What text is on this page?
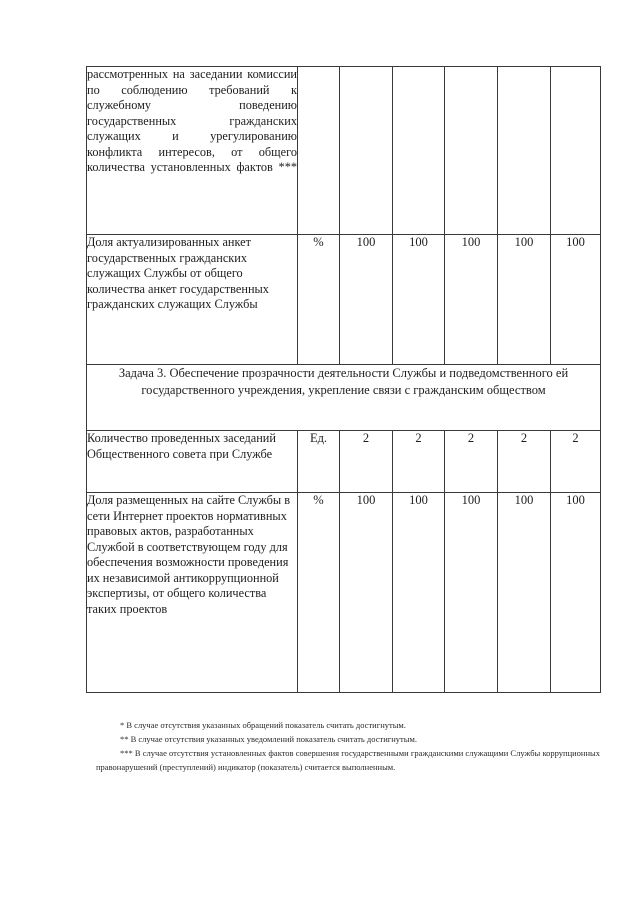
рассмотренных на заседании комиссии по соблюдению требований к служебному поведению государственных гражданских служащих и урегулированию конфликта интересов, от общего количества установленных фактов ***						
Доля актуализированных анкет государственных гражданских служащих Службы от общего количества анкет государственных гражданских служащих Службы	%	100	100	100	100	100
Задача 3. Обеспечение прозрачности деятельности Службы и подведомственного ей государственного учреждения, укрепление связи с гражданским обществом						
Количество проведенных заседаний Общественного совета при Службе	Ед.	2	2	2	2	2
Доля размещенных на сайте Службы в сети Интернет проектов нормативных правовых актов, разработанных Службой в соответствующем году для обеспечения возможности проведения их независимой антикоррупционной экспертизы, от общего количества таких проектов	%	100	100	100	100	100
* В случае отсутствия указанных обращений показатель считать достигнутым.
** В случае отсутствия указанных уведомлений показатель считать достигнутым.
*** В случае отсутствия установленных фактов совершения государственными гражданскими служащими Службы коррупционных правонарушений (преступлений) индикатор (показатель) считается выполненным.
